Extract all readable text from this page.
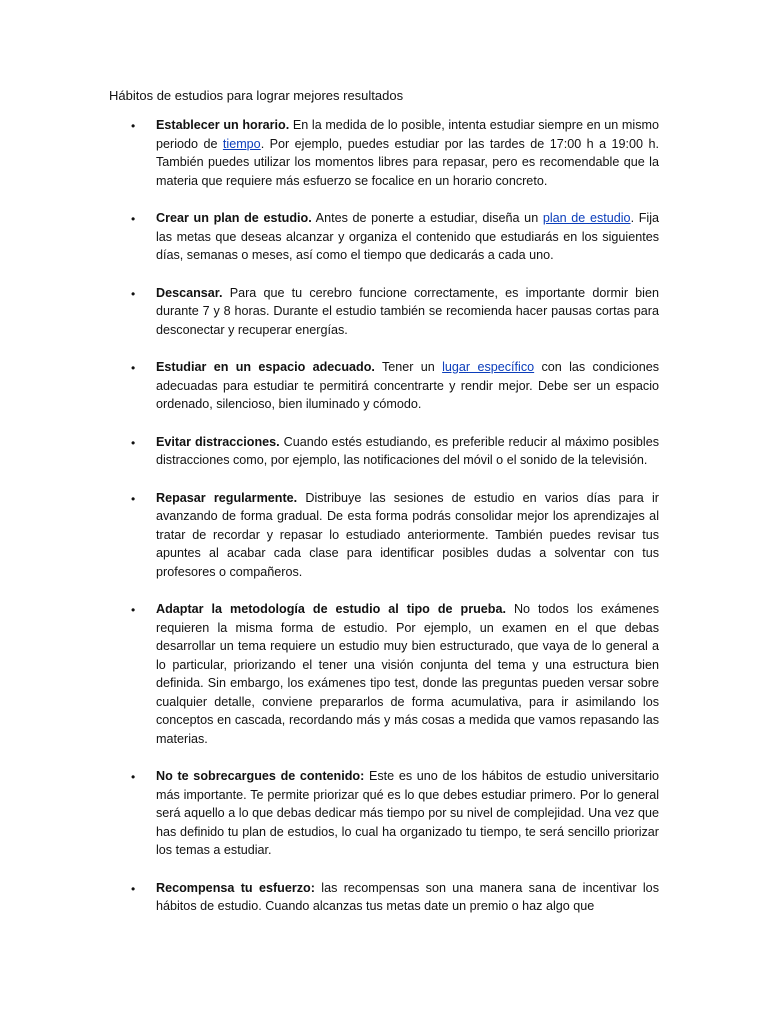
Hábitos de estudios para lograr mejores resultados
• Establecer un horario. En la medida de lo posible, intenta estudiar siempre en un mismo periodo de tiempo. Por ejemplo, puedes estudiar por las tardes de 17:00 h a 19:00 h. También puedes utilizar los momentos libres para repasar, pero es recomendable que la materia que requiere más esfuerzo se focalice en un horario concreto.

• Crear un plan de estudio. Antes de ponerte a estudiar, diseña un plan de estudio. Fija las metas que deseas alcanzar y organiza el contenido que estudiarás en los siguientes días, semanas o meses, así como el tiempo que dedicarás a cada uno.

• Descansar. Para que tu cerebro funcione correctamente, es importante dormir bien durante 7 y 8 horas. Durante el estudio también se recomienda hacer pausas cortas para desconectar y recuperar energías.

• Estudiar en un espacio adecuado. Tener un lugar específico con las condiciones adecuadas para estudiar te permitirá concentrarte y rendir mejor. Debe ser un espacio ordenado, silencioso, bien iluminado y cómodo.

• Evitar distracciones. Cuando estés estudiando, es preferible reducir al máximo posibles distracciones como, por ejemplo, las notificaciones del móvil o el sonido de la televisión.

• Repasar regularmente. Distribuye las sesiones de estudio en varios días para ir avanzando de forma gradual. De esta forma podrás consolidar mejor los aprendizajes al tratar de recordar y repasar lo estudiado anteriormente. También puedes revisar tus apuntes al acabar cada clase para identificar posibles dudas a solventar con tus profesores o compañeros.

• Adaptar la metodología de estudio al tipo de prueba. No todos los exámenes requieren la misma forma de estudio. Por ejemplo, un examen en el que debas desarrollar un tema requiere un estudio muy bien estructurado, que vaya de lo general a lo particular, priorizando el tener una visión conjunta del tema y una estructura bien definida. Sin embargo, los exámenes tipo test, donde las preguntas pueden versar sobre cualquier detalle, conviene prepararlos de forma acumulativa, para ir asimilando los conceptos en cascada, recordando más y más cosas a medida que vamos repasando las materias.

• No te sobrecargues de contenido: Este es uno de los hábitos de estudio universitario más importante. Te permite priorizar qué es lo que debes estudiar primero. Por lo general será aquello a lo que debas dedicar más tiempo por su nivel de complejidad. Una vez que has definido tu plan de estudios, lo cual ha organizado tu tiempo, te será sencillo priorizar los temas a estudiar.

• Recompensa tu esfuerzo: las recompensas son una manera sana de incentivar los hábitos de estudio. Cuando alcanzas tus metas date un premio o haz algo que
